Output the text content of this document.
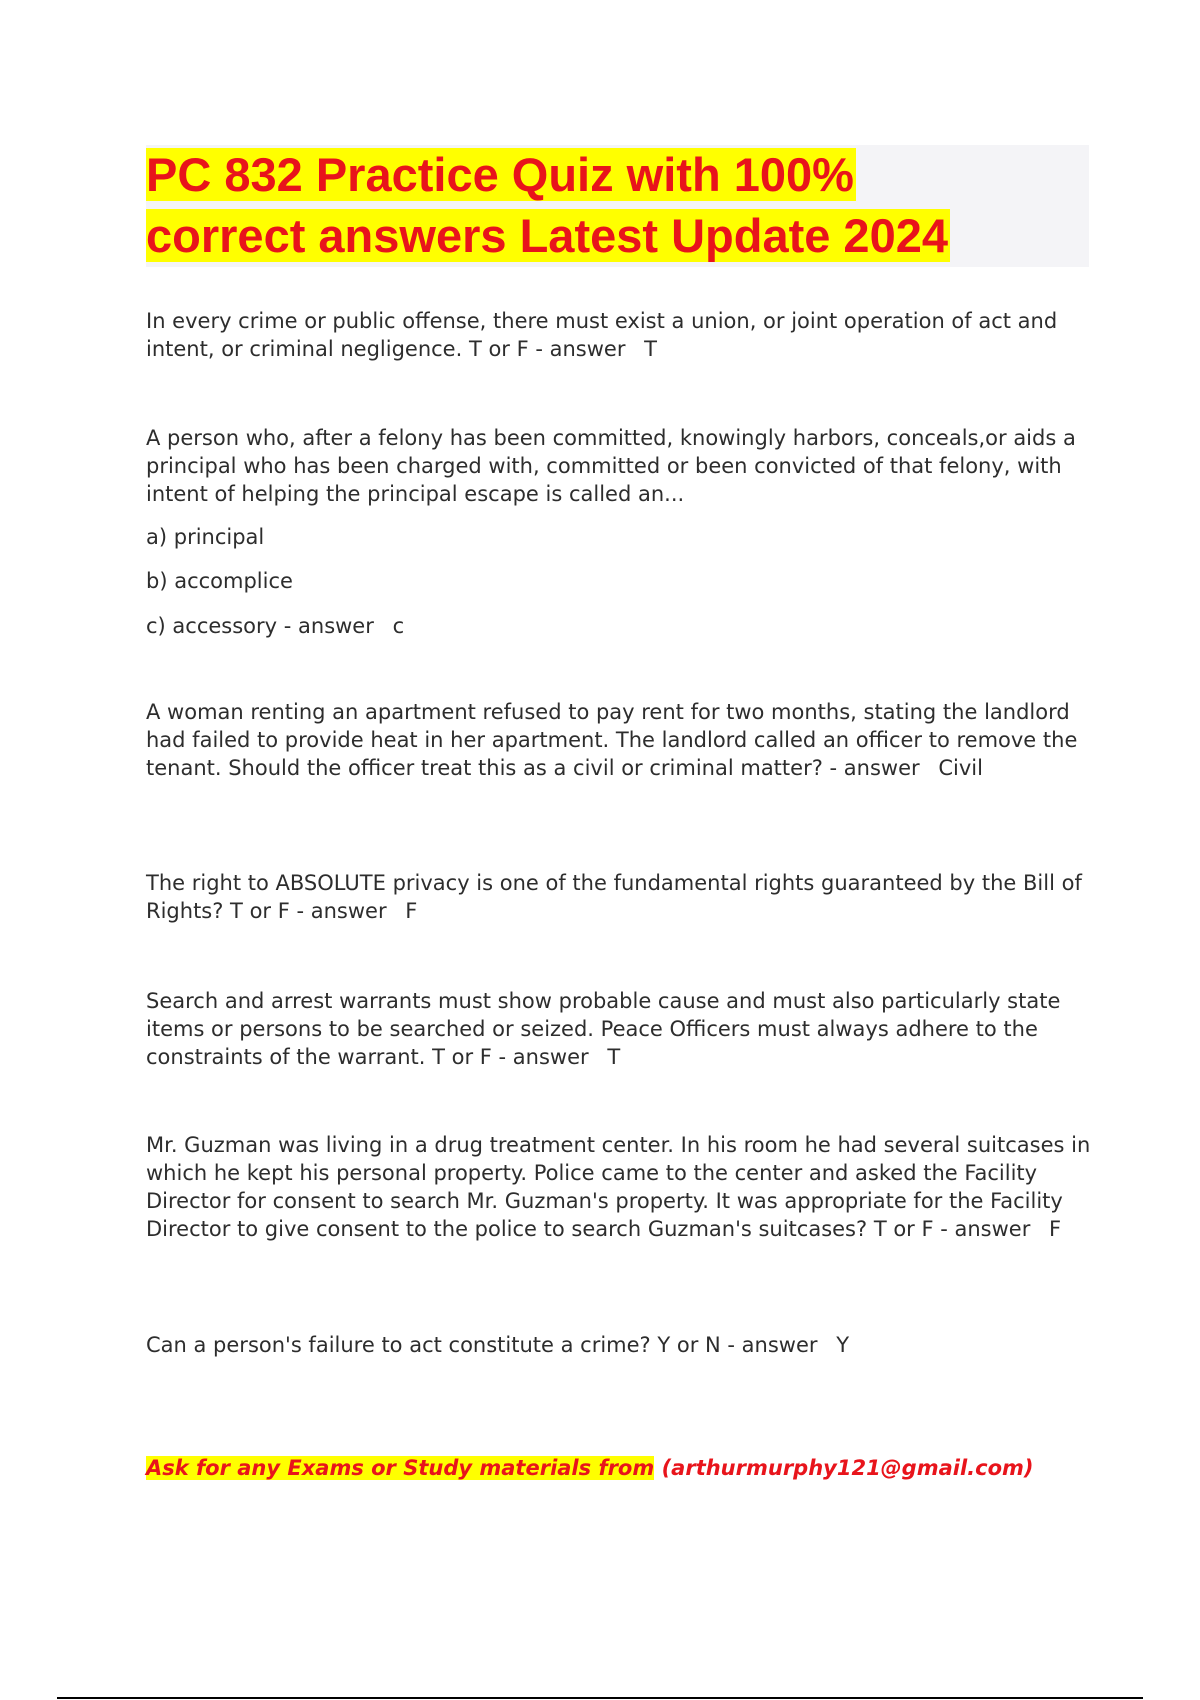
PC 832 Practice Quiz with 100%
correct answers Latest Update 2024

In every crime or public offense, there must exist a union, or joint operation of act and intent, or criminal negligence. T or F - answer T

A person who, after a felony has been committed, knowingly harbors, conceals,or aids a principal who has been charged with, committed or been convicted of that felony, with intent of helping the principal escape is called an...

a) principal

b) accomplice

c) accessory - answer c

A woman renting an apartment refused to pay rent for two months, stating the landlord had failed to provide heat in her apartment. The landlord called an officer to remove the tenant. Should the officer treat this as a civil or criminal matter? - answer Civil

The right to ABSOLUTE privacy is one of the fundamental rights guaranteed by the Bill of Rights? T or F - answer F

Search and arrest warrants must show probable cause and must also particularly state items or persons to be searched or seized. Peace Officers must always adhere to the constraints of the warrant. T or F - answer T

Mr. Guzman was living in a drug treatment center. In his room he had several suitcases in which he kept his personal property. Police came to the center and asked the Facility Director for consent to search Mr. Guzman's property. It was appropriate for the Facility Director to give consent to the police to search Guzman's suitcases? T or F - answer F

Can a person's failure to act constitute a crime? Y or N - answer Y

Ask for any Exams or Study materials from (arthurmurphy121@gmail.com)
